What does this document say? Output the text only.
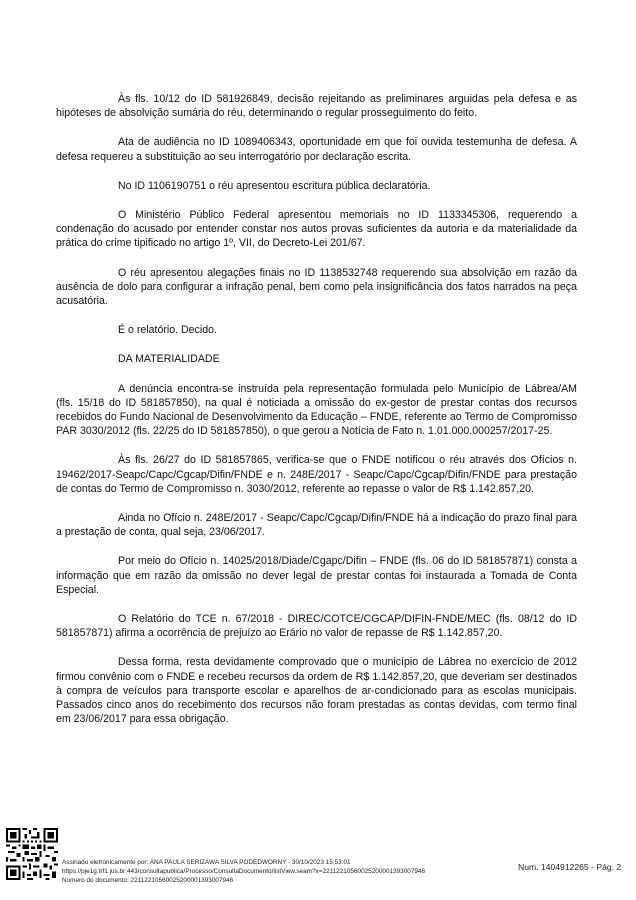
Às fls. 10/12 do ID 581926849, decisão rejeitando as preliminares arguidas pela defesa e as hipóteses de absolvição sumária do réu, determinando o regular prosseguimento do feito.

Ata de audiência no ID 1089406343, oportunidade em que foi ouvida testemunha de defesa. A defesa requereu a substituição ao seu interrogatório por declaração escrita.

No ID 1106190751 o réu apresentou escritura pública declaratória.

O Ministério Público Federal apresentou memoriais no ID 1133345306, requerendo a condenação do acusado por entender constar nos autos provas suficientes da autoria e da materialidade da prática do crime tipificado no artigo 1º, VII, do Decreto-Lei 201/67.

O réu apresentou alegações finais no ID 1138532748 requerendo sua absolvição em razão da ausência de dolo para configurar a infração penal, bem como pela insignificância dos fatos narrados na peça acusatória.

É o relatório. Decido.

DA MATERIALIDADE

A denúncia encontra-se instruída pela representação formulada pelo Município de Lábrea/AM (fls. 15/18 do ID 581857850), na qual é noticiada a omissão do ex-gestor de prestar contas dos recursos recebidos do Fundo Nacional de Desenvolvimento da Educação – FNDE, referente ao Termo de Compromisso PAR 3030/2012 (fls. 22/25 do ID 581857850), o que gerou a Notícia de Fato n. 1.01.000.000257/2017-25.

Às fls. 26/27 do ID 581857865, verifica-se que o FNDE notificou o réu através dos Ofícios n. 19462/2017-Seapc/Capc/Cgcap/Difin/FNDE e n. 248E/2017 - Seapc/Capc/Cgcap/Difin/FNDE para prestação de contas do Termo de Compromisso n. 3030/2012, referente ao repasse o valor de R$ 1.142.857,20.

Ainda no Ofício n. 248E/2017 - Seapc/Capc/Cgcap/Difin/FNDE há a indicação do prazo final para a prestação de conta, qual seja, 23/06/2017.

Por meio do Ofício n. 14025/2018/Diade/Cgapc/Difin – FNDE (fls. 06 do ID 581857871) consta a informação que em razão da omissão no dever legal de prestar contas foi instaurada a Tomada de Conta Especial.

O Relatório do TCE n. 67/2018 - DIREC/COTCE/CGCAP/DIFIN-FNDE/MEC (fls. 08/12 do ID 581857871) afirma a ocorrência de prejuízo ao Erário no valor de repasse de R$ 1.142.857,20.

Dessa forma, resta devidamente comprovado que o município de Lábrea no exercício de 2012 firmou convênio com o FNDE e recebeu recursos da ordem de R$ 1.142.857,20, que deveriam ser destinados à compra de veículos para transporte escolar e aparelhos de ar-condicionado para as escolas municipais. Passados cinco anos do recebimento dos recursos não foram prestadas as contas devidas, com termo final em 23/06/2017 para essa obrigação.

Assinado eletronicamente por: ANA PAULA SERIZAWA SILVA PODEDWORNY - 30/10/2023 15:53:01
https://pje1g.trf1.jus.br:443/consultapublica/Processo/ConsultaDocumento/listView.seam?x=22112210560025200001393007946
Número do documento: 22112210560025200001393007946
Num. 1404912265 - Pág. 2
